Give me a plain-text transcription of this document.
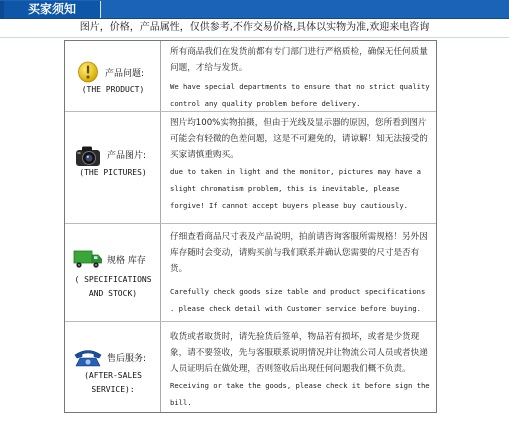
买家须知
图片，价格，产品属性，仅供参考,不作交易价格,具体以实物为准,欢迎来电咨询
产品问题:
(THE PRODUCT)

所有商品我们在发货前都有专门部门进行严格质检，确保无任何质量问题，才给与发货。

We have special departments to ensure that no strict quality control any quality problem before delivery.

产品图片:
(THE PICTURES)

图片均100%实物拍摄，但由于光线及显示器的原因，您所看到图片可能会有轻微的色差问题，这是不可避免的，请谅解！知无法接受的买家请慎重购买。

due to taken in light and the monitor, pictures may have a slight chromatism problem, this is inevitable, please forgive! If cannot accept buyers please buy cautiously.

规格 库存
( SPECIFICATIONS AND STOCK)

仔细查看商品尺寸表及产品说明，拍前请咨询客服所需规格！另外因库存随时会变动，请购买前与我们联系并确认您需要的尺寸是否有货。

Carefully check goods size table and product specifications . please check detail with Customer service before buying.

售后服务:
(AFTER-SALES SERVICE):

收货或者取货时，请先验货后签单，物品若有损坏，或者是少货现象，请不要签收，先与客服联系说明情况并让物流公司人员或者快递人员证明后在做处理，否则签收后出现任何问题我们概不负责。

Receiving or take the goods, please check it before sign the bill.
